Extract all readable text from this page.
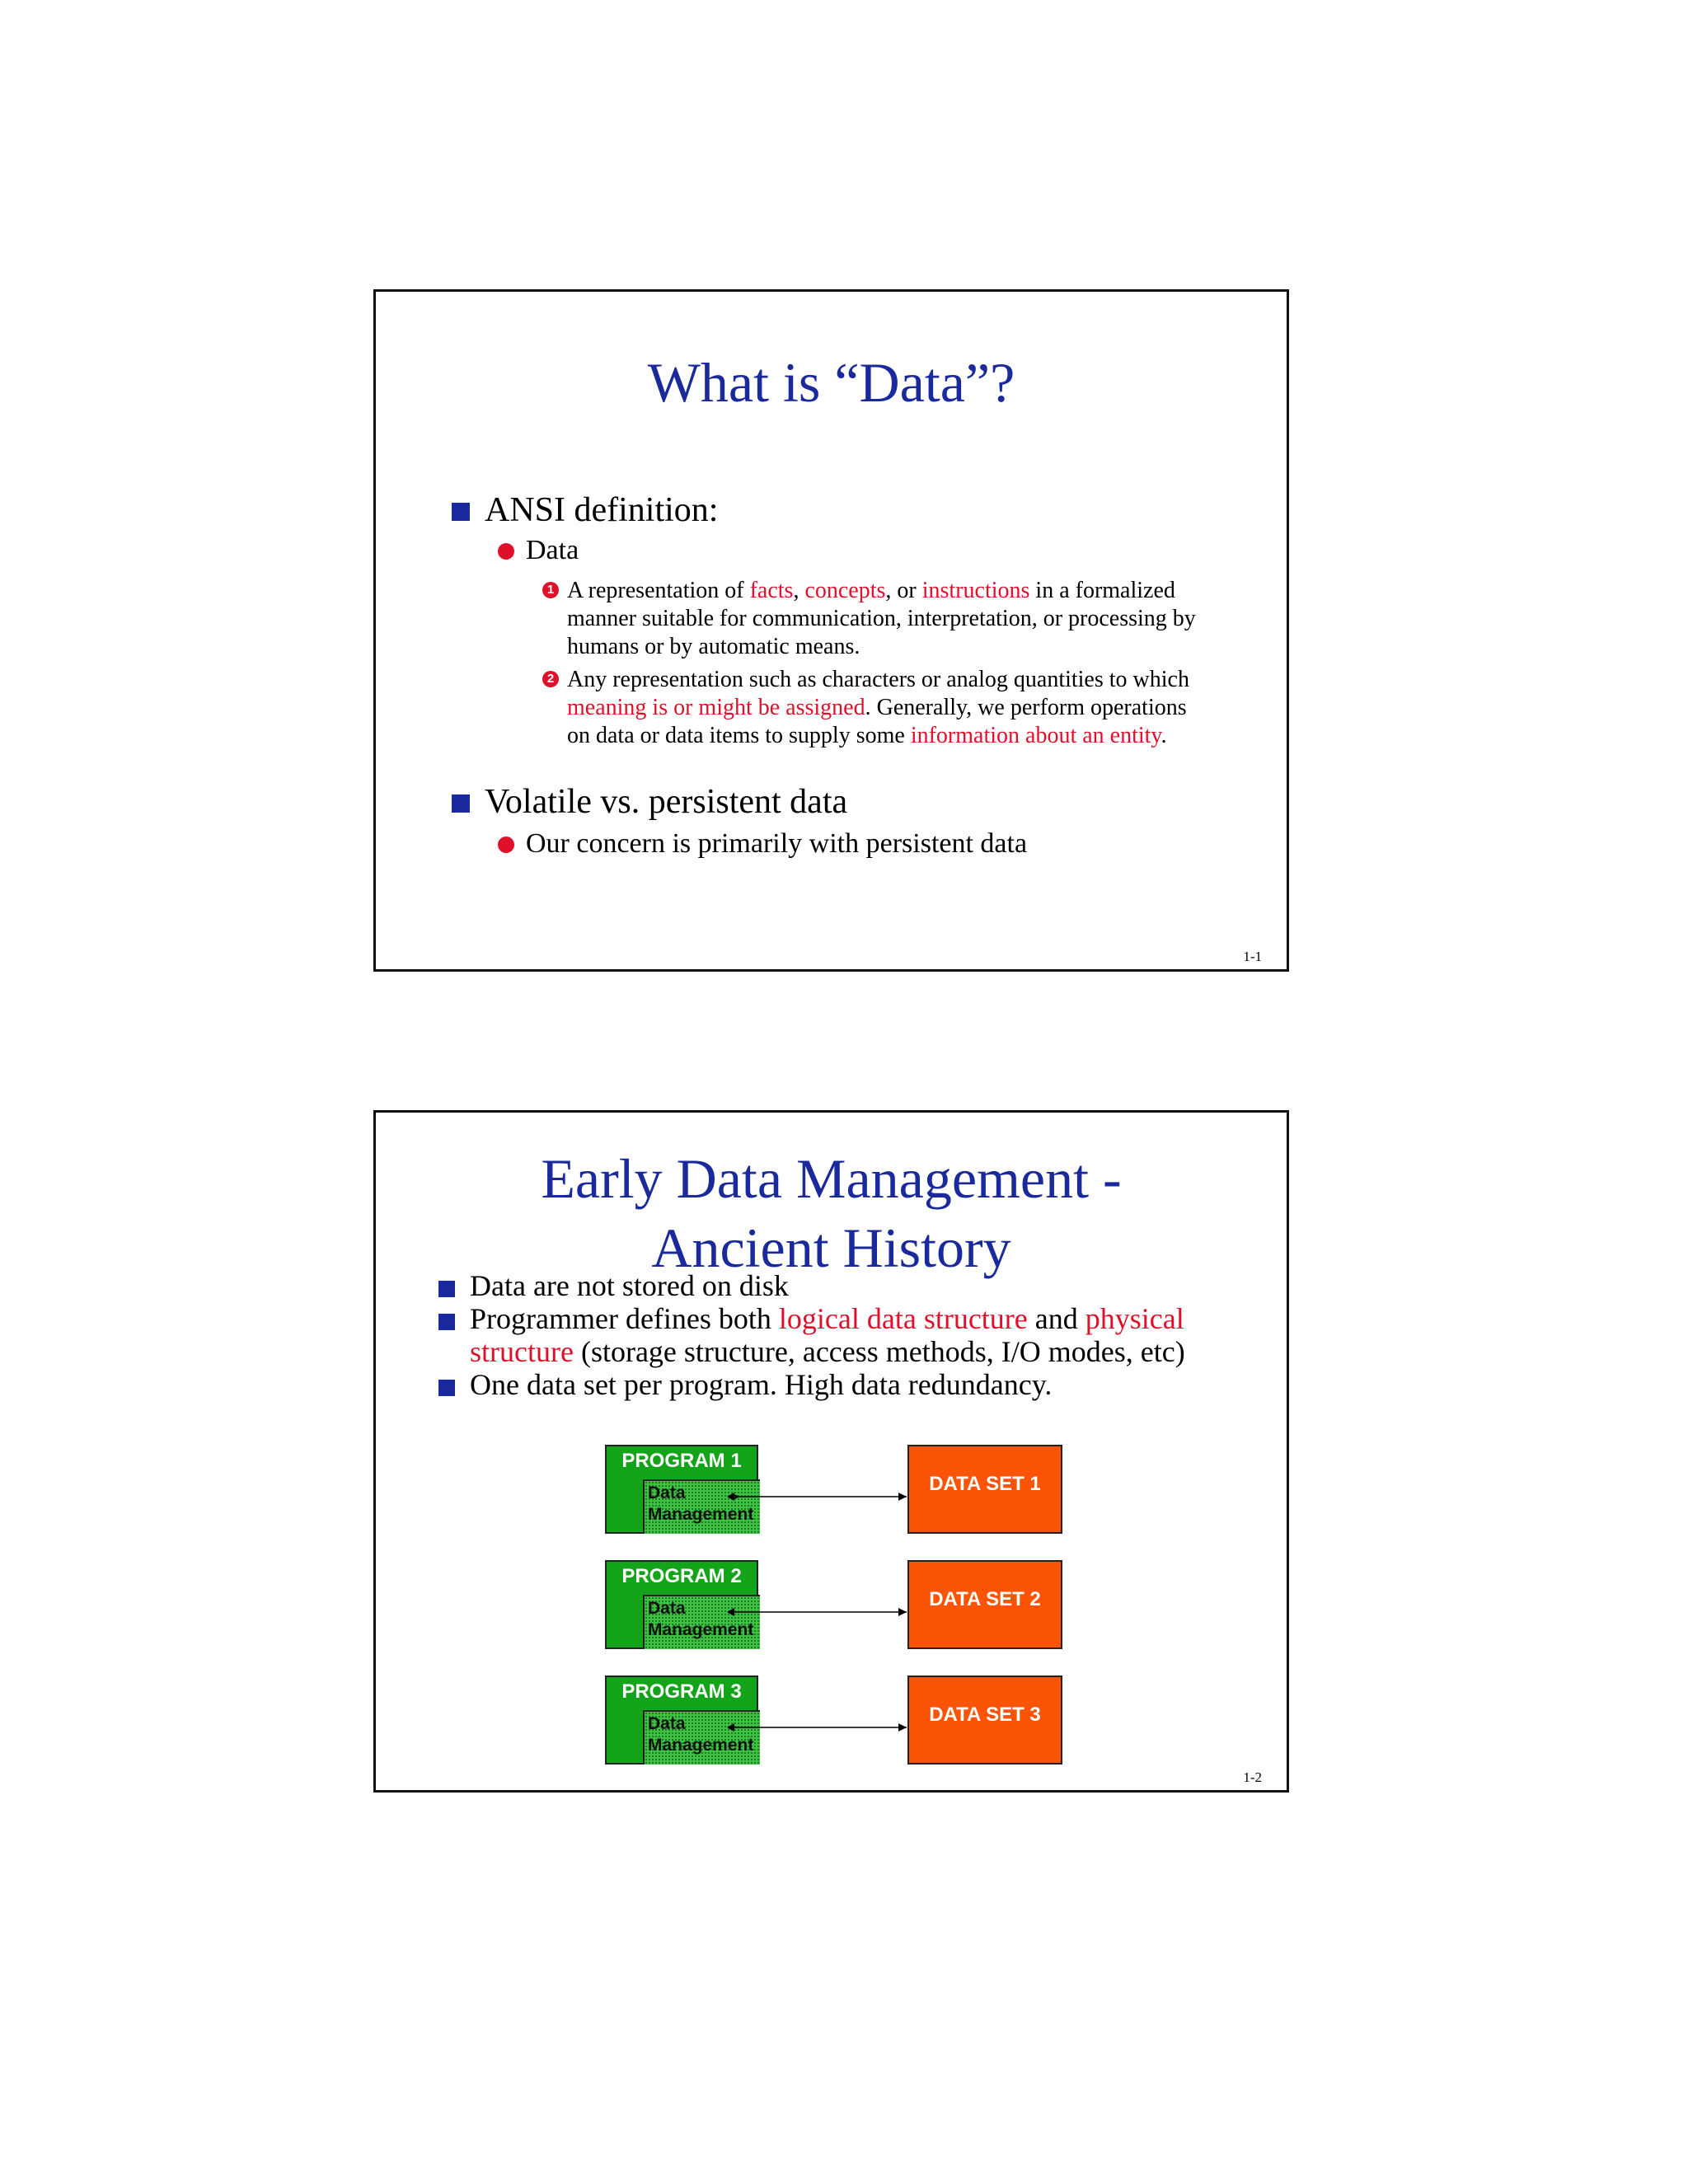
What is “Data”?
ANSI definition:
Data
1 A representation of facts, concepts, or instructions in a formalized manner suitable for communication, interpretation, or processing by humans or by automatic means.
2 Any representation such as characters or analog quantities to which meaning is or might be assigned. Generally, we perform operations on data or data items to supply some information about an entity.
Volatile vs. persistent data
Our concern is primarily with persistent data
1-1
Early Data Management -
Ancient History
Data are not stored on disk
Programmer defines both logical data structure and physical structure (storage structure, access methods, I/O modes, etc)
One data set per program. High data redundancy.
PROGRAM 1
Data
Management
DATA SET 1
PROGRAM 2
Data
Management
DATA SET 2
PROGRAM 3
Data
Management
DATA SET 3
1-2
